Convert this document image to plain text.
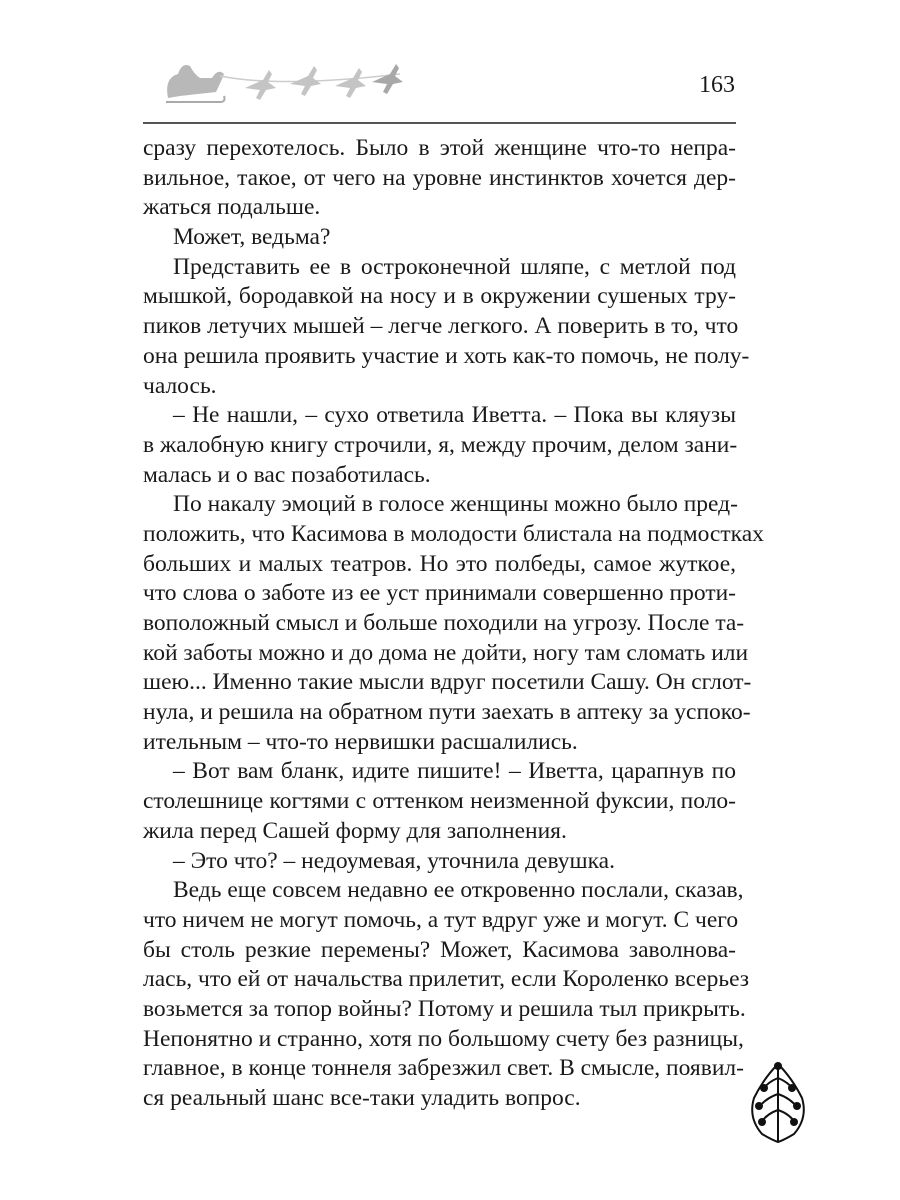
163
сразу перехотелось. Было в этой женщине что-то непра-
вильное, такое, от чего на уровне инстинктов хочется дер-
жаться подальше.
Может, ведьма?
Представить ее в остроконечной шляпе, с метлой под
мышкой, бородавкой на носу и в окружении сушеных тру-
пиков летучих мышей – легче легкого. А поверить в то, что
она решила проявить участие и хоть как-то помочь, не полу-
чалось.
– Не нашли, – сухо ответила Иветта. – Пока вы кляузы
в жалобную книгу строчили, я, между прочим, делом зани-
малась и о вас позаботилась.
По накалу эмоций в голосе женщины можно было пред-
положить, что Касимова в молодости блистала на подмостках
больших и малых театров. Но это полбеды, самое жуткое,
что слова о заботе из ее уст принимали совершенно проти-
воположный смысл и больше походили на угрозу. После та-
кой заботы можно и до дома не дойти, ногу там сломать или
шею... Именно такие мысли вдруг посетили Сашу. Он сглот-
нула, и решила на обратном пути заехать в аптеку за успоко-
ительным – что-то нервишки расшалились.
– Вот вам бланк, идите пишите! – Иветта, царапнув по
столешнице когтями с оттенком неизменной фуксии, поло-
жила перед Сашей форму для заполнения.
– Это что? – недоумевая, уточнила девушка.
Ведь еще совсем недавно ее откровенно послали, сказав,
что ничем не могут помочь, а тут вдруг уже и могут. С чего
бы столь резкие перемены? Может, Касимова заволнова-
лась, что ей от начальства прилетит, если Короленко всерьез
возьмется за топор войны? Потому и решила тыл прикрыть.
Непонятно и странно, хотя по большому счету без разницы,
главное, в конце тоннеля забрезжил свет. В смысле, появил-
ся реальный шанс все-таки уладить вопрос.
